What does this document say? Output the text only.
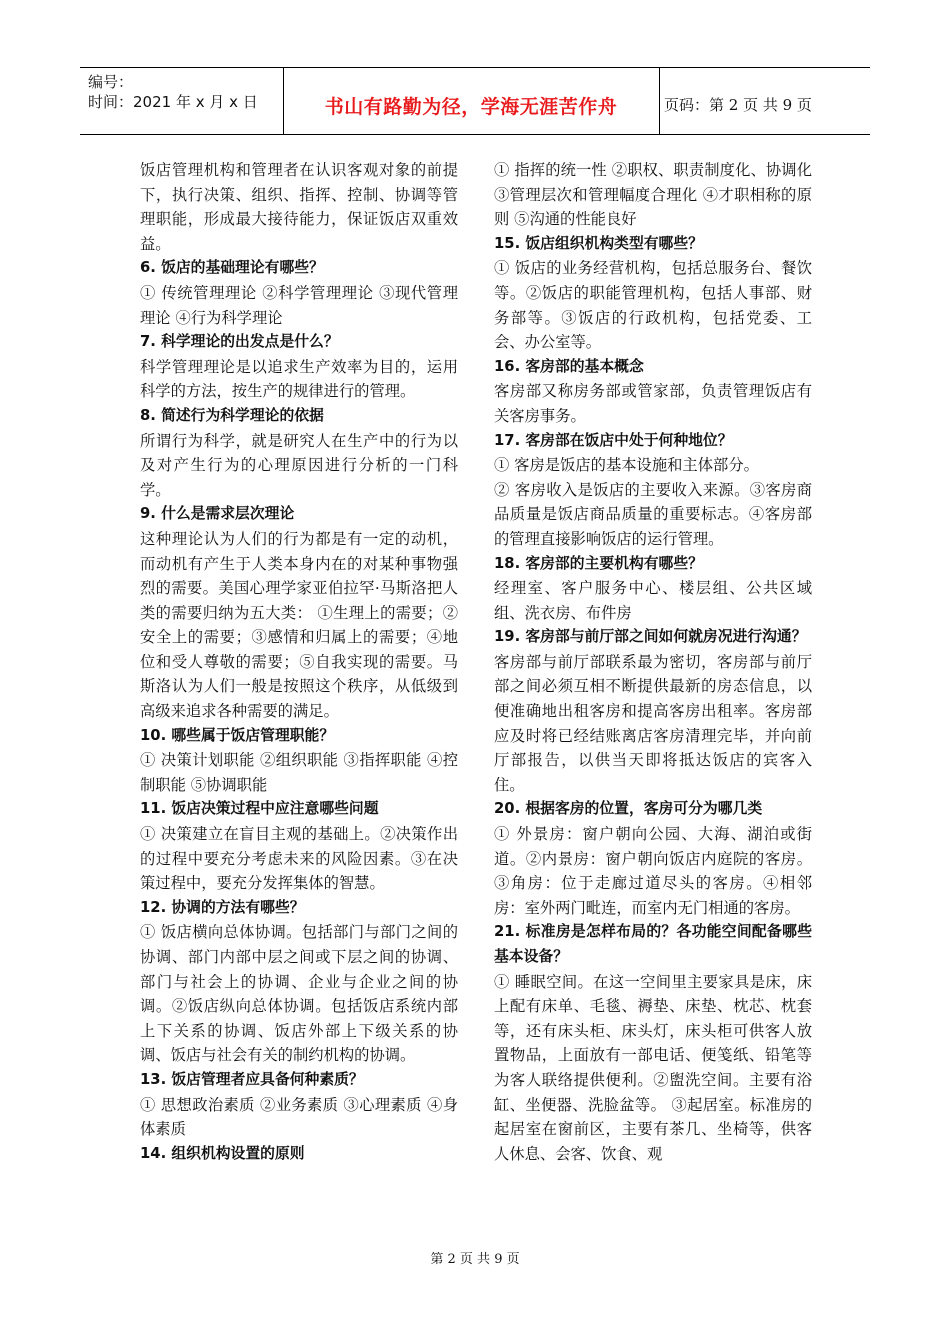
编号：
时间：2021 年 x 月 x 日	书山有路勤为径，学海无涯苦作舟	页码：第 2 页 共 9 页

饭店管理机构和管理者在认识客观对象的前提下，执行决策、组织、指挥、控制、协调等管理职能，形成最大接待能力，保证饭店双重效益。

6. 饭店的基础理论有哪些？

① 传统管理理论 ②科学管理理论 ③现代管理理论 ④行为科学理论

7. 科学理论的出发点是什么？

科学管理理论是以追求生产效率为目的，运用科学的方法，按生产的规律进行的管理。

8. 简述行为科学理论的依据

所谓行为科学，就是研究人在生产中的行为以及对产生行为的心理原因进行分析的一门科学。

9. 什么是需求层次理论

这种理论认为人们的行为都是有一定的动机，而动机有产生于人类本身内在的对某种事物强烈的需要。美国心理学家亚伯拉罕·马斯洛把人类的需要归纳为五大类： ①生理上的需要；②安全上的需要；③感情和归属上的需要；④地位和受人尊敬的需要；⑤自我实现的需要。马斯洛认为人们一般是按照这个秩序，从低级到高级来追求各种需要的满足。

10. 哪些属于饭店管理职能？

① 决策计划职能 ②组织职能 ③指挥职能 ④控制职能 ⑤协调职能

11. 饭店决策过程中应注意哪些问题

① 决策建立在盲目主观的基础上。②决策作出的过程中要充分考虑未来的风险因素。③在决策过程中，要充分发挥集体的智慧。

12. 协调的方法有哪些？

① 饭店横向总体协调。包括部门与部门之间的协调、部门内部中层之间或下层之间的协调、部门与社会上的协调、企业与企业之间的协调。②饭店纵向总体协调。包括饭店系统内部上下关系的协调、饭店外部上下级关系的协调、饭店与社会有关的制约机构的协调。

13. 饭店管理者应具备何种素质？

① 思想政治素质 ②业务素质 ③心理素质 ④身体素质

14. 组织机构设置的原则

① 指挥的统一性 ②职权、职责制度化、协调化 ③管理层次和管理幅度合理化 ④才职相称的原则 ⑤沟通的性能良好

15. 饭店组织机构类型有哪些？

① 饭店的业务经营机构，包括总服务台、餐饮等。②饭店的职能管理机构，包括人事部、财务部等。③饭店的行政机构，包括党委、工会、办公室等。

16. 客房部的基本概念

客房部又称房务部或管家部，负责管理饭店有关客房事务。

17. 客房部在饭店中处于何种地位？

① 客房是饭店的基本设施和主体部分。

② 客房收入是饭店的主要收入来源。③客房商品质量是饭店商品质量的重要标志。④客房部的管理直接影响饭店的运行管理。

18. 客房部的主要机构有哪些？

经理室、客户服务中心、楼层组、公共区域组、洗衣房、布件房

19. 客房部与前厅部之间如何就房况进行沟通？

客房部与前厅部联系最为密切，客房部与前厅部之间必须互相不断提供最新的房态信息，以便准确地出租客房和提高客房出租率。客房部应及时将已经结账离店客房清理完毕，并向前厅部报告，以供当天即将抵达饭店的宾客入住。

20. 根据客房的位置，客房可分为哪几类

① 外景房：窗户朝向公园、大海、湖泊或街道。②内景房：窗户朝向饭店内庭院的客房。③角房：位于走廊过道尽头的客房。④相邻房：室外两门毗连，而室内无门相通的客房。

21. 标准房是怎样布局的？各功能空间配备哪些基本设备？

① 睡眠空间。在这一空间里主要家具是床，床上配有床单、毛毯、褥垫、床垫、枕芯、枕套等，还有床头柜、床头灯，床头柜可供客人放置物品，上面放有一部电话、便笺纸、铅笔等为客人联络提供便利。②盥洗空间。主要有浴缸、坐便器、洗脸盆等。 ③起居室。标准房的起居室在窗前区，主要有茶几、坐椅等，供客人休息、会客、饮食、观

第 2 页 共 9 页
